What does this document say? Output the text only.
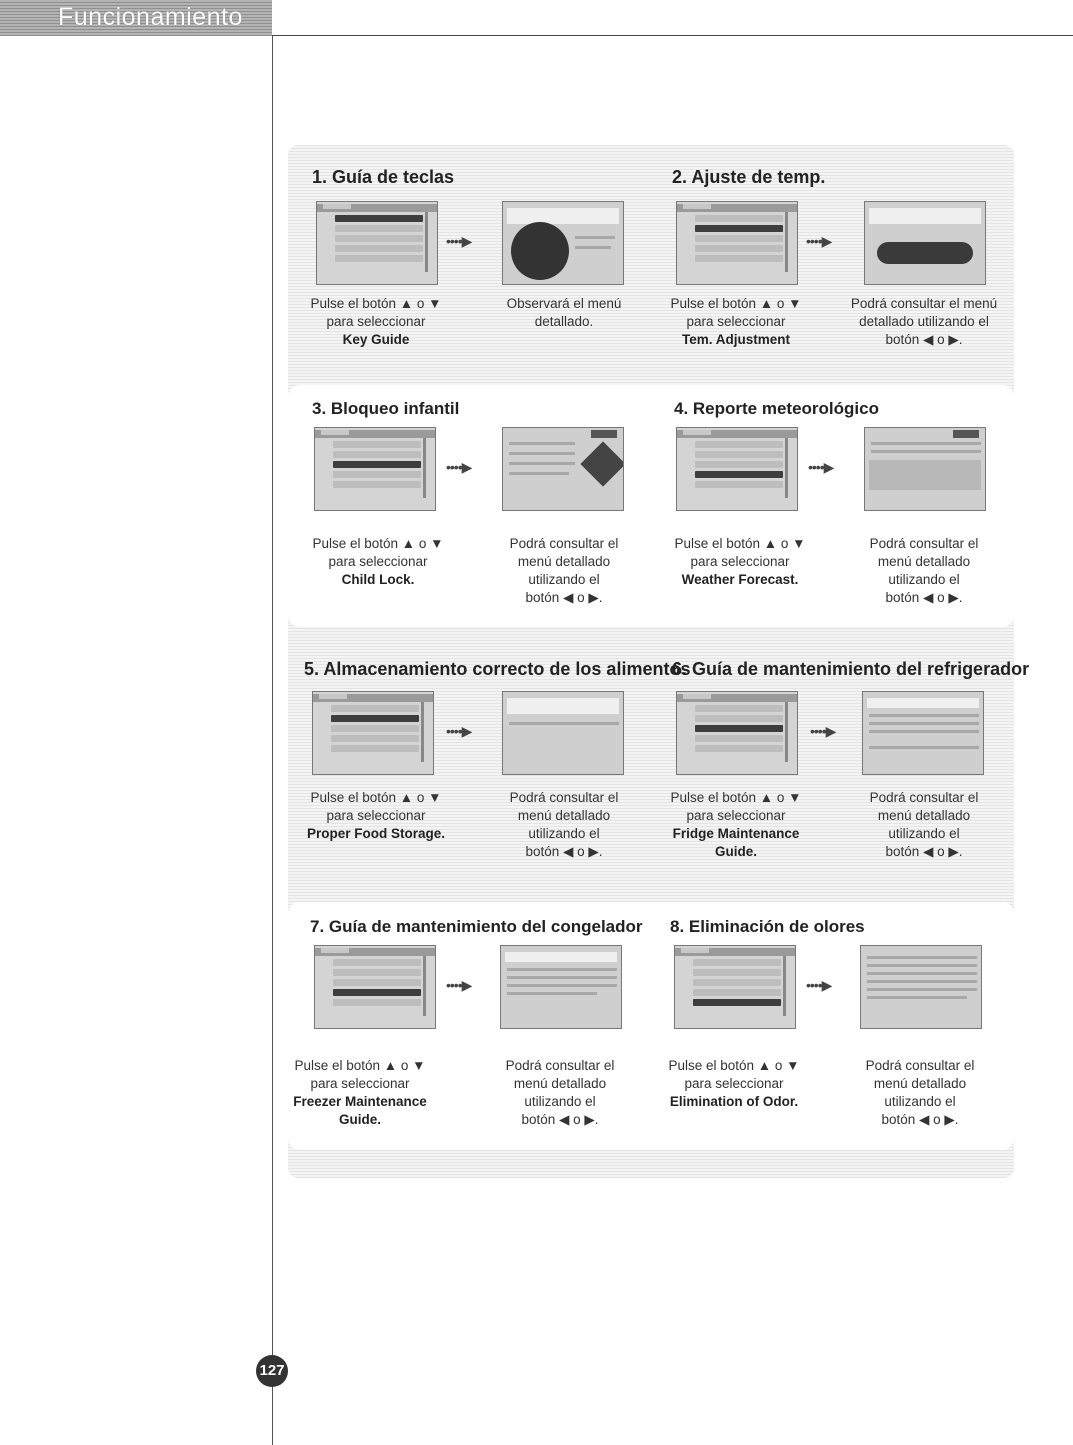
Funcionamiento
1. Guía de teclas
••••▶
Pulse el botón ▲ o ▼
para seleccionar
Key Guide
Observará el menú
detallado.
2. Ajuste de temp.
••••▶
Pulse el botón ▲ o ▼
para seleccionar
Tem. Adjustment
Podrá consultar el menú
detallado utilizando el
botón ◀ o ▶.
3. Bloqueo infantil
••••▶
Pulse el botón ▲ o ▼
para seleccionar
Child Lock.
Podrá consultar el
menú detallado
utilizando el
botón ◀ o ▶.
4. Reporte meteorológico
••••▶
Pulse el botón ▲ o ▼
para seleccionar
Weather Forecast.
Podrá consultar el
menú detallado
utilizando el
botón ◀ o ▶.
5. Almacenamiento correcto de los alimentos
••••▶
Pulse el botón ▲ o ▼
para seleccionar
Proper Food Storage.
Podrá consultar el
menú detallado
utilizando el
botón ◀ o ▶.
6. Guía de mantenimiento del refrigerador
••••▶
Pulse el botón ▲ o ▼
para seleccionar
Fridge Maintenance
Guide.
Podrá consultar el
menú detallado
utilizando el
botón ◀ o ▶.
7. Guía de mantenimiento del congelador
••••▶
Pulse el botón ▲ o ▼
para seleccionar
Freezer Maintenance
Guide.
Podrá consultar el
menú detallado
utilizando el
botón ◀ o ▶.
8. Eliminación de olores
••••▶
Pulse el botón ▲ o ▼
para seleccionar
Elimination of Odor.
Podrá consultar el
menú detallado
utilizando el
botón ◀ o ▶.
127
